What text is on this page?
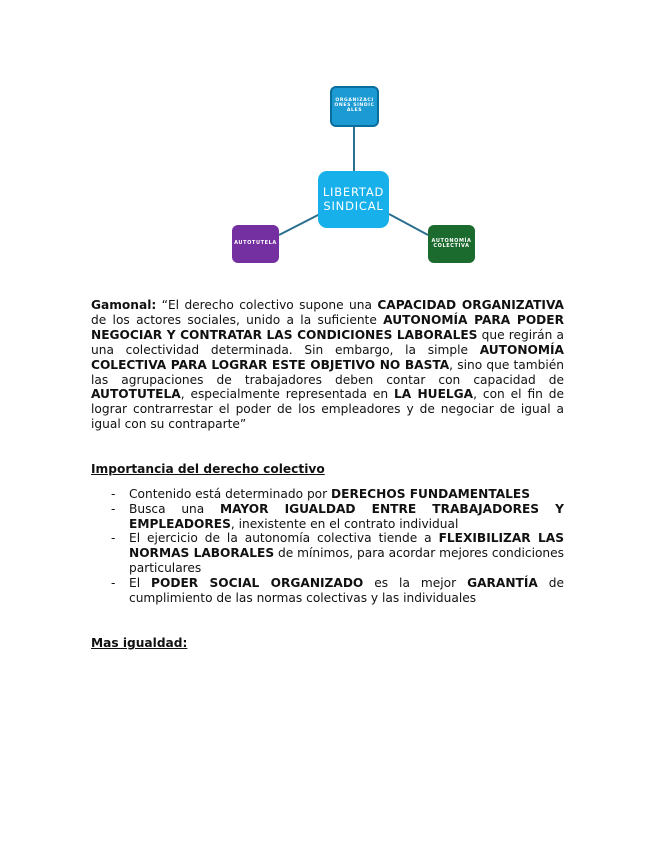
ORGANIZACIONES SINDICALES
LIBERTAD SINDICAL
AUTOTUTELA	AUTONOMÍA COLECTIVA

Gamonal: “El derecho colectivo supone una CAPACIDAD ORGANIZATIVA de los actores sociales, unido a la suficiente AUTONOMÍA PARA PODER NEGOCIAR Y CONTRATAR LAS CONDICIONES LABORALES que regirán a una colectividad determinada. Sin embargo, la simple AUTONOMÍA COLECTIVA PARA LOGRAR ESTE OBJETIVO NO BASTA, sino que también las agrupaciones de trabajadores deben contar con capacidad de AUTOTUTELA, especialmente representada en LA HUELGA, con el fin de lograr contrarrestar el poder de los empleadores y de negociar de igual a igual con su contraparte”

Importancia del derecho colectivo
- Contenido está determinado por DERECHOS FUNDAMENTALES
- Busca una MAYOR IGUALDAD ENTRE TRABAJADORES Y EMPLEADORES, inexistente en el contrato individual
- El ejercicio de la autonomía colectiva tiende a FLEXIBILIZAR LAS NORMAS LABORALES de mínimos, para acordar mejores condiciones particulares
- El PODER SOCIAL ORGANIZADO es la mejor GARANTÍA de cumplimiento de las normas colectivas y las individuales
Mas igualdad:
